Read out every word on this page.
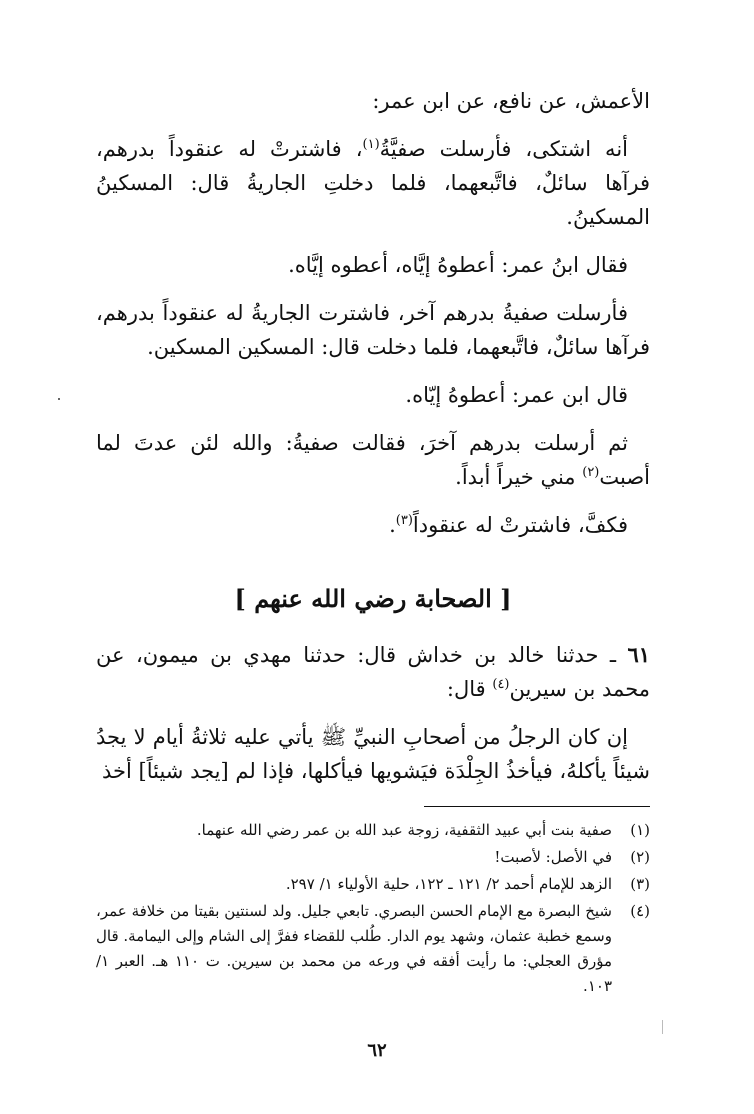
الأعمش، عن نافع، عن ابن عمر:

أنه اشتكى، فأرسلت صفيَّةُ$^{(١)}$، فاشترتْ له عنقوداً بدرهم، فرآها سائلٌ، فاتَّبعهما، فلما دخلتِ الجاريةُ قال: المسكينُ المسكينُ.

فقال ابنُ عمر: أعطوهُ إيَّاه، أعطوه إيَّاه.

فأرسلت صفيةُ بدرهم آخر، فاشترت الجاريةُ له عنقوداً بدرهم، فرآها سائلٌ، فاتَّبعهما، فلما دخلت قال: المسكين المسكين.

قال ابن عمر: أعطوهُ إيّاه.

ثم أرسلت بدرهم آخرَ، فقالت صفيةُ: والله لئن عدتَ لما أصبت$^{(٢)}$ مني خيراً أبداً.

فكفَّ، فاشترتْ له عنقوداً$^{(٣)}$.

[ الصحابة رضي الله عنهم ]

٦١ ـ حدثنا خالد بن خداش قال: حدثنا مهدي بن ميمون، عن محمد بن سيرين$^{(٤)}$ قال:

إن كان الرجلُ من أصحابِ النبيِّ ﷺ يأتي عليه ثلاثةُ أيام لا يجدُ شيئاً يأكلهُ، فيأخذُ الجِلْدَة فيَشويها فيأكلها، فإذا لم [يجد شيئاً] أخذ

(١)
صفية بنت أبي عبيد الثقفية، زوجة عبد الله بن عمر رضي الله عنهما.
(٢)
في الأصل: لأصبت!
(٣)
الزهد للإمام أحمد ٢/ ١٢١ ـ ١٢٢، حلية الأولياء ١/ ٢٩٧.
(٤)
شيخ البصرة مع الإمام الحسن البصري. تابعي جليل. ولد لسنتين بقيتا من خلافة عمر، وسمع خطبة عثمان، وشهد يوم الدار. طُلب للقضاء ففرَّ إلى الشام وإلى اليمامة. قال مؤرق العجلي: ما رأيت أفقه في ورعه من محمد بن سيرين. ت ١١٠ هـ. العبر ١/ ١٠٣.
٦٢
